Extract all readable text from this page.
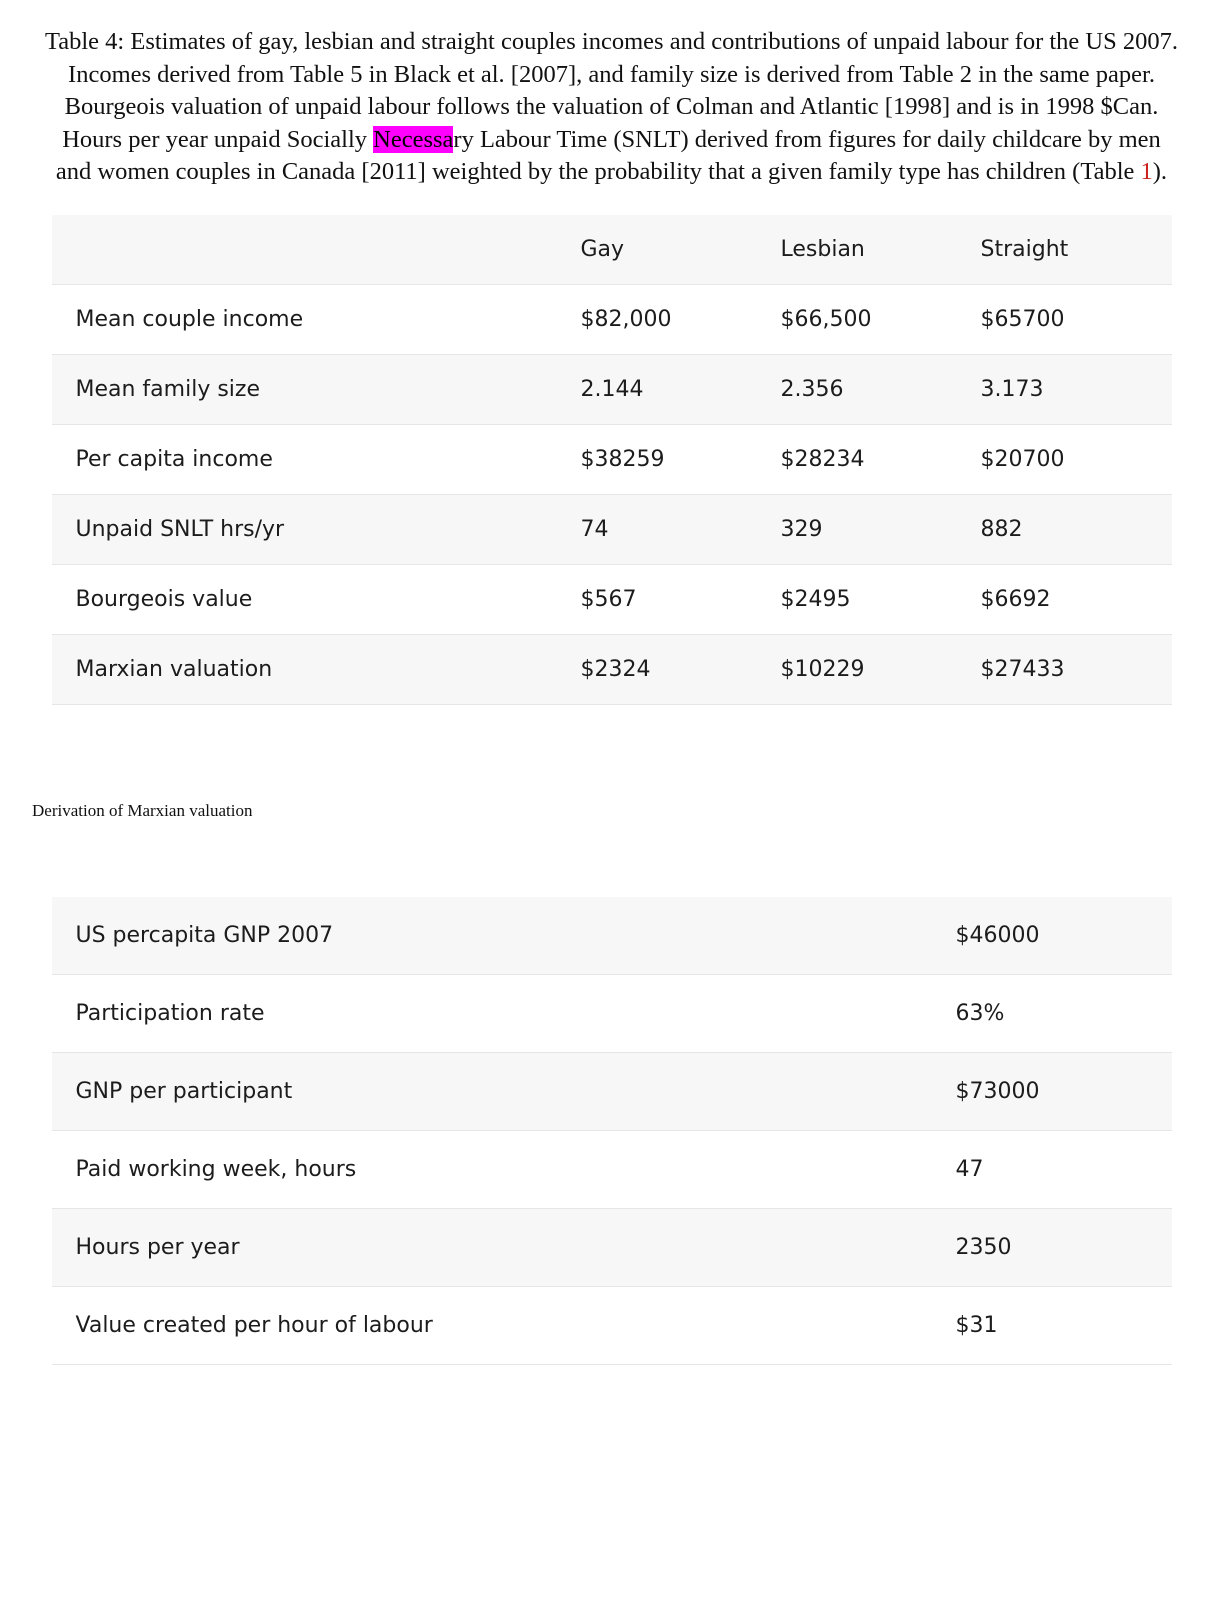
Table 4: Estimates of gay, lesbian and straight couples incomes and contributions of unpaid labour for the US 2007. Incomes derived from Table 5 in Black et al. [2007], and family size is derived from Table 2 in the same paper. Bourgeois valuation of unpaid labour follows the valuation of Colman and Atlantic [1998] and is in 1998 $Can. Hours per year unpaid Socially Necessary Labour Time (SNLT) derived from figures for daily childcare by men and women couples in Canada [2011] weighted by the probability that a given family type has children (Table 1).

	Gay	Lesbian	Straight
Mean couple income	$82,000	$66,500	$65700
Mean family size	2.144	2.356	3.173
Per capita income	$38259	$28234	$20700
Unpaid SNLT hrs/yr	74	329	882
Bourgeois value	$567	$2495	$6692
Marxian valuation	$2324	$10229	$27433
Derivation of Marxian valuation
US percapita GNP 2007	$46000
Participation rate	63%
GNP per participant	$73000
Paid working week, hours	47
Hours per year	2350
Value created per hour of labour	$31
